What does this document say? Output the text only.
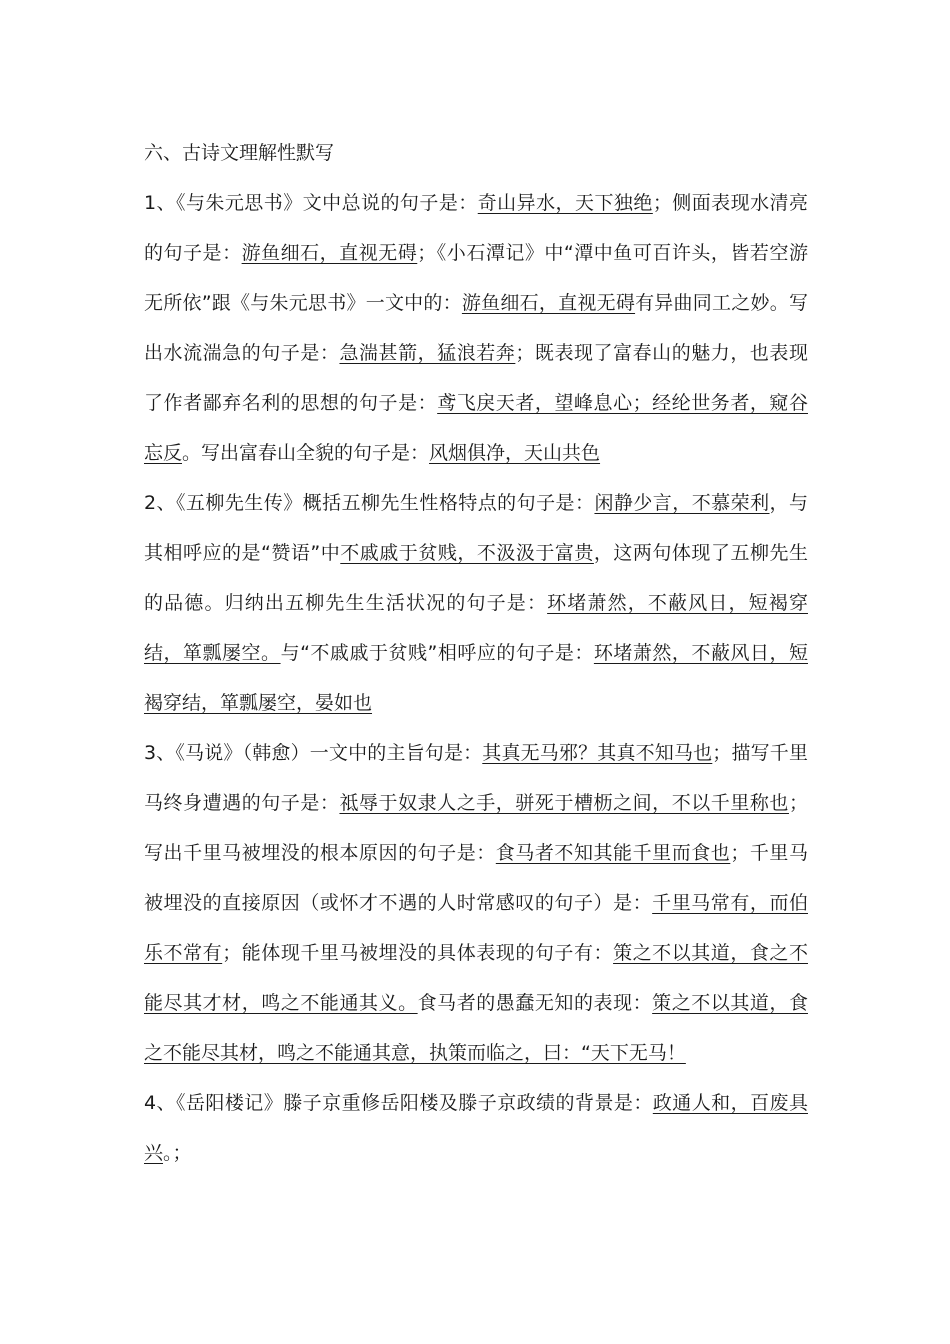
六、古诗文理解性默写

1、《与朱元思书》文中总说的句子是：奇山异水，天下独绝；侧面表现水清亮的句子是：游鱼细石，直视无碍；《小石潭记》中“潭中鱼可百许头，皆若空游无所依”跟《与朱元思书》一文中的：游鱼细石，直视无碍有异曲同工之妙。写出水流湍急的句子是：急湍甚箭，猛浪若奔；既表现了富春山的魅力，也表现了作者鄙弃名利的思想的句子是：鸢飞戾天者，望峰息心；经纶世务者，窥谷忘反。写出富春山全貌的句子是：风烟俱净，天山共色

2、《五柳先生传》概括五柳先生性格特点的句子是：闲静少言，不慕荣利，与其相呼应的是“赞语”中不戚戚于贫贱，不汲汲于富贵，这两句体现了五柳先生的品德。归纳出五柳先生生活状况的句子是：环堵萧然，不蔽风日，短褐穿结，箪瓢屡空。与“不戚戚于贫贱”相呼应的句子是：环堵萧然，不蔽风日，短褐穿结，箪瓢屡空，晏如也

3、《马说》（韩愈）一文中的主旨句是：其真无马邪？其真不知马也；描写千里马终身遭遇的句子是：祗辱于奴隶人之手，骈死于槽枥之间，不以千里称也；写出千里马被埋没的根本原因的句子是：食马者不知其能千里而食也；千里马被埋没的直接原因（或怀才不遇的人时常感叹的句子）是：千里马常有，而伯乐不常有；能体现千里马被埋没的具体表现的句子有：策之不以其道，食之不能尽其才材，鸣之不能通其义。食马者的愚蠢无知的表现：策之不以其道，食之不能尽其材，鸣之不能通其意，执策而临之，曰：“天下无马！

4、《岳阳楼记》滕子京重修岳阳楼及滕子京政绩的背景是：政通人和，百废具兴。；
